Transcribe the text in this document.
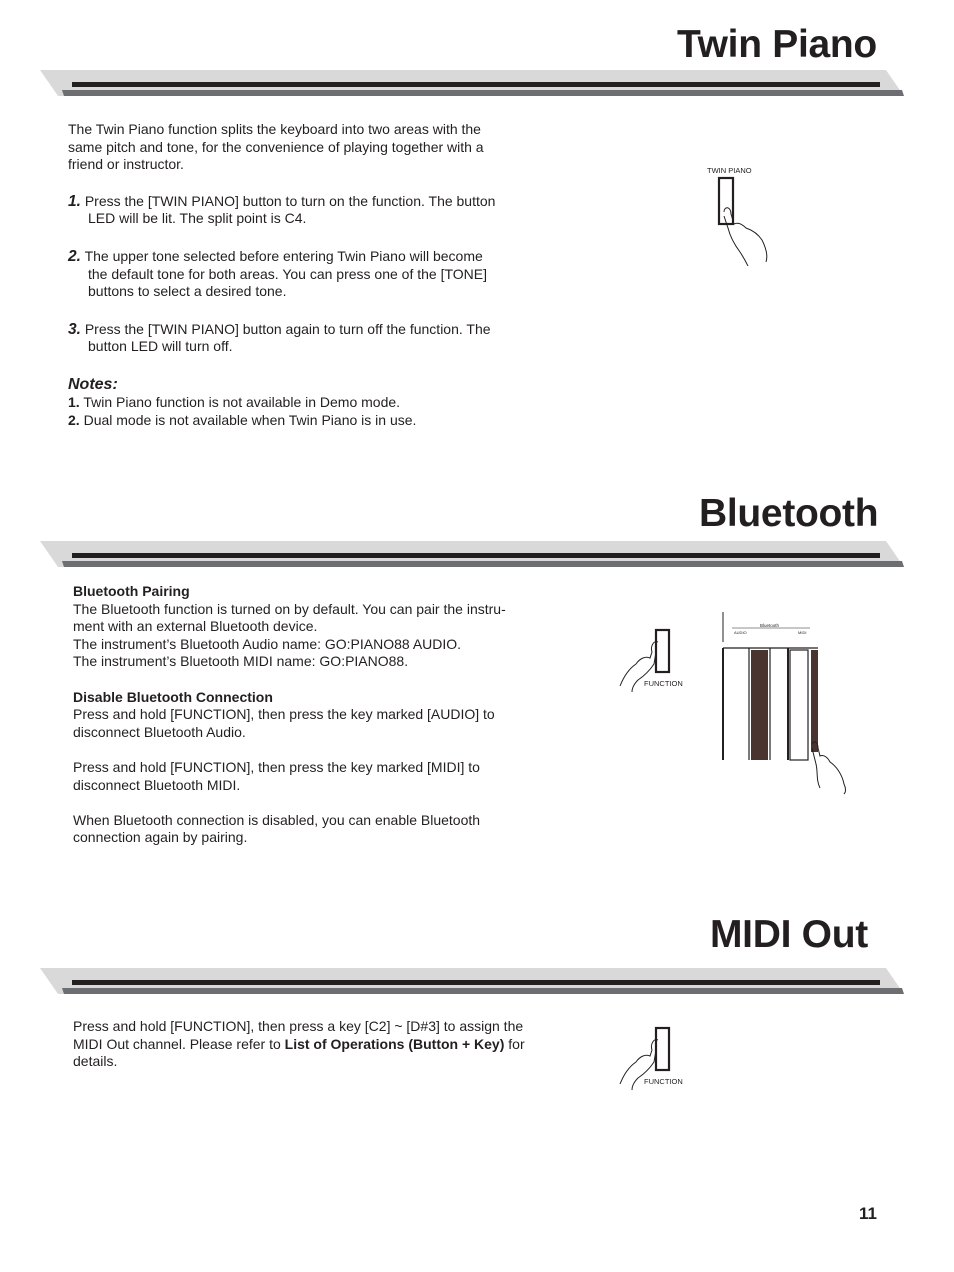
Twin Piano

The Twin Piano function splits the keyboard into two areas with the same pitch and tone, for the convenience of playing together with a friend or instructor.

1. Press the [TWIN PIANO] button to turn on the function. The button
LED will be lit. The split point is C4.
2. The upper tone selected before entering Twin Piano will become
the default tone for both areas. You can press one of the [TONE]
buttons to select a desired tone.
3. Press the [TWIN PIANO] button again to turn off the function. The
button LED will turn off.
Notes:
1. Twin Piano function is not available in Demo mode.
2. Dual mode is not available when Twin Piano is in use.
TWIN PIANO
Bluetooth
Bluetooth Pairing
The Bluetooth function is turned on by default. You can pair the instru-
ment with an external Bluetooth device.
The instrument’s Bluetooth Audio name: GO:PIANO88 AUDIO.
The instrument’s Bluetooth MIDI name: GO:PIANO88.
Disable Bluetooth Connection
Press and hold [FUNCTION], then press the key marked [AUDIO] to
disconnect Bluetooth Audio.
Press and hold [FUNCTION], then press the key marked [MIDI] to
disconnect Bluetooth MIDI.
When Bluetooth connection is disabled, you can enable Bluetooth
connection again by pairing.
FUNCTION
Bluetooth
AUDIO	MIDI
MIDI Out
Press and hold [FUNCTION], then press a key [C2] ~ [D#3] to assign the
MIDI Out channel. Please refer to List of Operations (Button + Key) for
details.
FUNCTION
11
